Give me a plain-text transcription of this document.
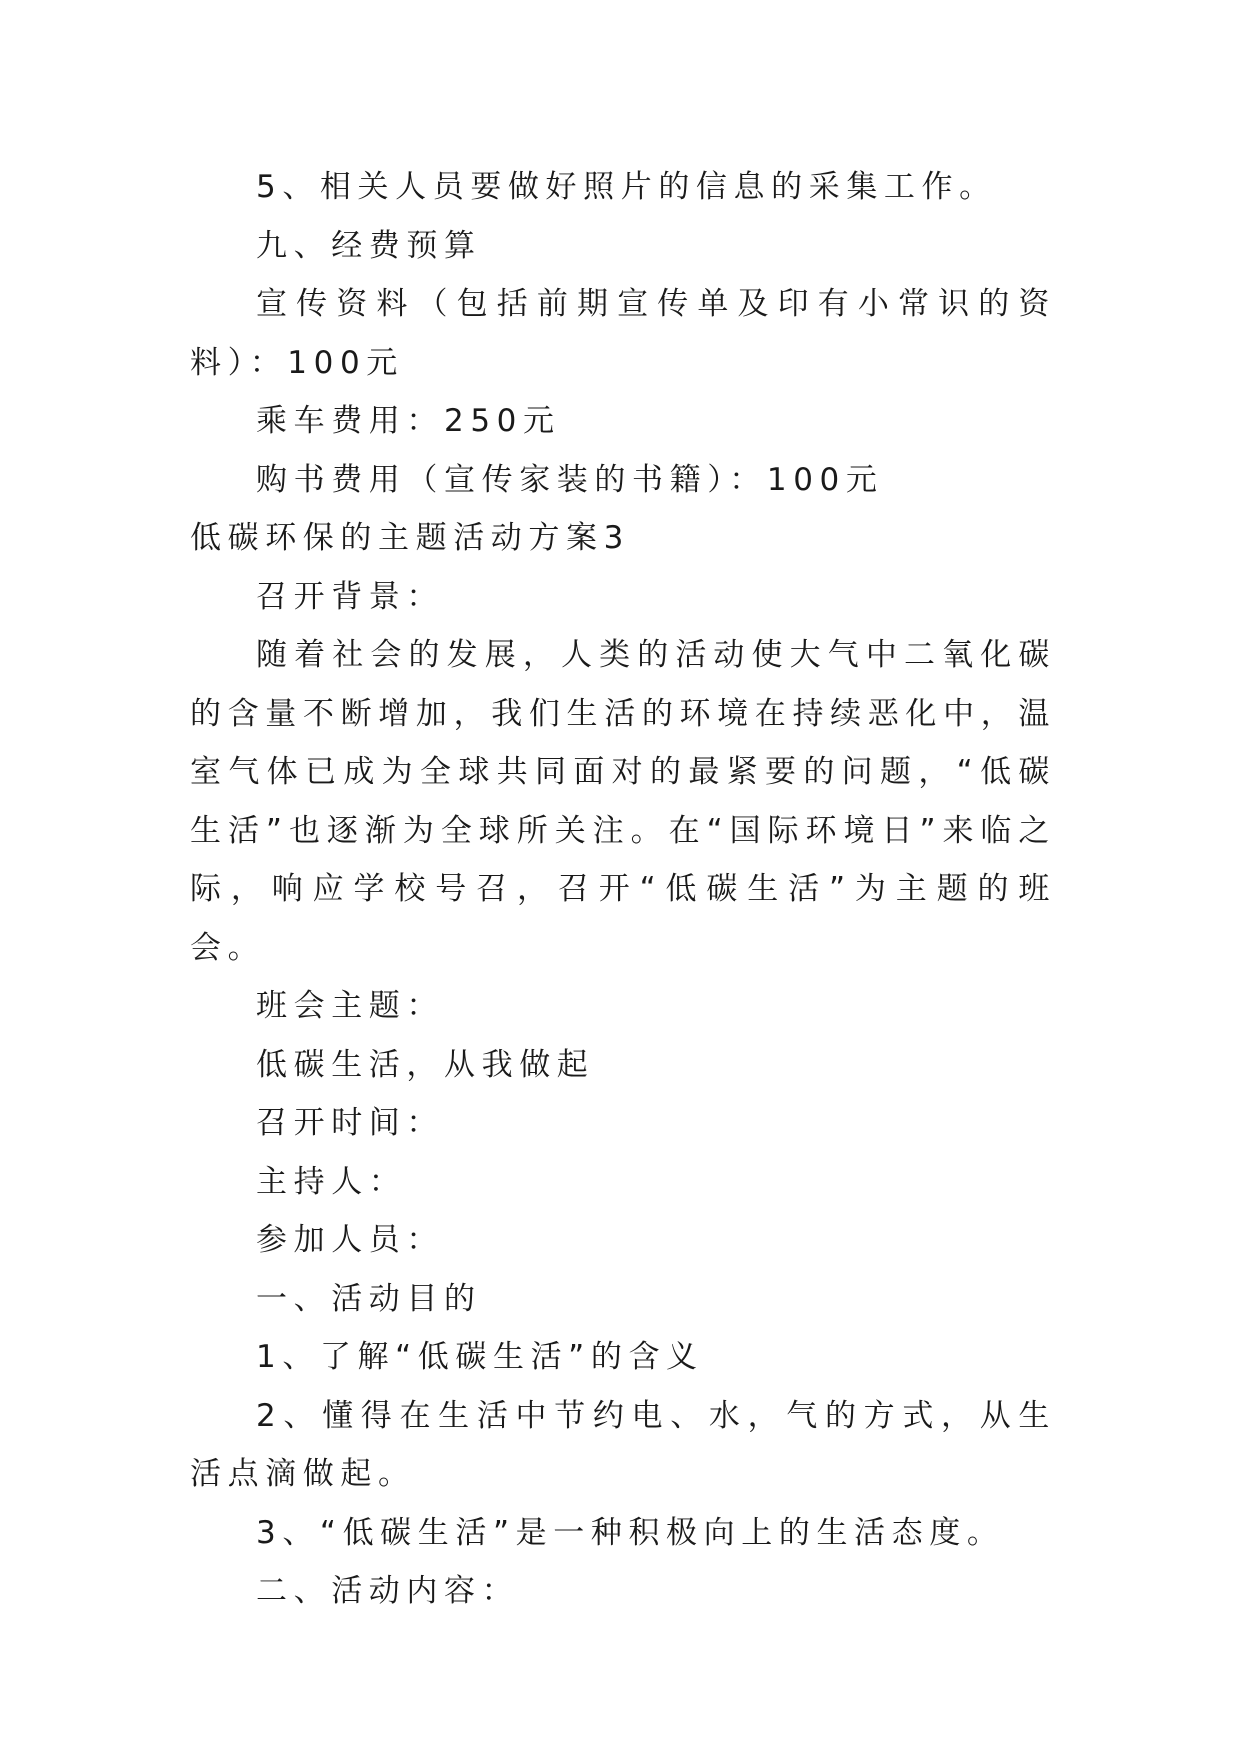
5、相关人员要做好照片的信息的采集工作。

九、经费预算

宣传资料（包括前期宣传单及印有小常识的资料）：100元

乘车费用：250元

购书费用（宣传家装的书籍）：100元

低碳环保的主题活动方案3

召开背景：

随着社会的发展，人类的活动使大气中二氧化碳的含量不断增加，我们生活的环境在持续恶化中，温室气体已成为全球共同面对的最紧要的问题，“低碳生活”也逐渐为全球所关注。在“国际环境日”来临之际，响应学校号召，召开“低碳生活”为主题的班会。

班会主题：

低碳生活，从我做起

召开时间：

主持人：

参加人员：

一、活动目的

1、了解“低碳生活”的含义

2、懂得在生活中节约电、水，气的方式，从生活点滴做起。

3、“低碳生活”是一种积极向上的生活态度。

二、活动内容：
